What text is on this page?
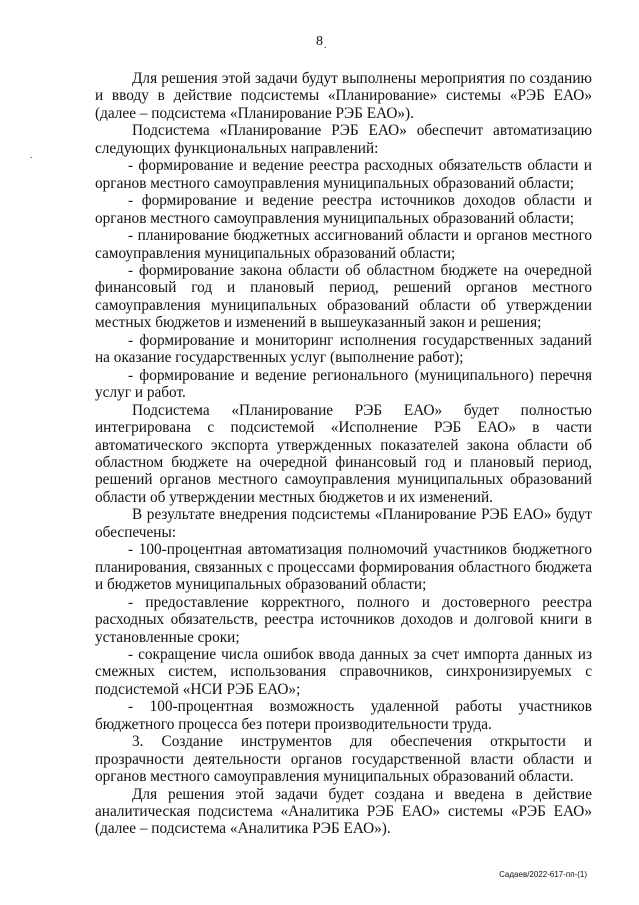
8 .
.

Для решения этой задачи будут выполнены мероприятия по созданию и вводу в действие подсистемы «Планирование» системы «РЭБ ЕАО» (далее – подсистема «Планирование РЭБ ЕАО»).

Подсистема «Планирование РЭБ ЕАО» обеспечит автоматизацию следующих функциональных направлений:

- формирование и ведение реестра расходных обязательств области и органов местного самоуправления муниципальных образований области;

- формирование и ведение реестра источников доходов области и органов местного самоуправления муниципальных образований области;

- планирование бюджетных ассигнований области и органов местного самоуправления муниципальных образований области;

- формирование закона области об областном бюджете на очередной финансовый год и плановый период, решений органов местного самоуправления муниципальных образований области об утверждении местных бюджетов и изменений в вышеуказанный закон и решения;

- формирование и мониторинг исполнения государственных заданий на оказание государственных услуг (выполнение работ);

- формирование и ведение регионального (муниципального) перечня услуг и работ.

Подсистема «Планирование РЭБ ЕАО» будет полностью интегрирована с подсистемой «Исполнение РЭБ ЕАО» в части автоматического экспорта утвержденных показателей закона области об областном бюджете на очередной финансовый год и плановый период, решений органов местного самоуправления муниципальных образований области об утверждении местных бюджетов и их изменений.

В результате внедрения подсистемы «Планирование РЭБ ЕАО» будут обеспечены:

- 100-процентная автоматизация полномочий участников бюджетного планирования, связанных с процессами формирования областного бюджета и бюджетов муниципальных образований области;

- предоставление корректного, полного и достоверного реестра расходных обязательств, реестра источников доходов и долговой книги в установленные сроки;

- сокращение числа ошибок ввода данных за счет импорта данных из смежных систем, использования справочников, синхронизируемых с подсистемой «НСИ РЭБ ЕАО»;

- 100-процентная возможность удаленной работы участников бюджетного процесса без потери производительности труда.

3. Создание инструментов для обеспечения открытости и прозрачности деятельности органов государственной власти области и органов местного самоуправления муниципальных образований области.

Для решения этой задачи будет создана и введена в действие аналитическая подсистема «Аналитика РЭБ ЕАО» системы «РЭБ ЕАО» (далее – подсистема «Аналитика РЭБ ЕАО»).

Садаев/2022-617-пп-(1)
